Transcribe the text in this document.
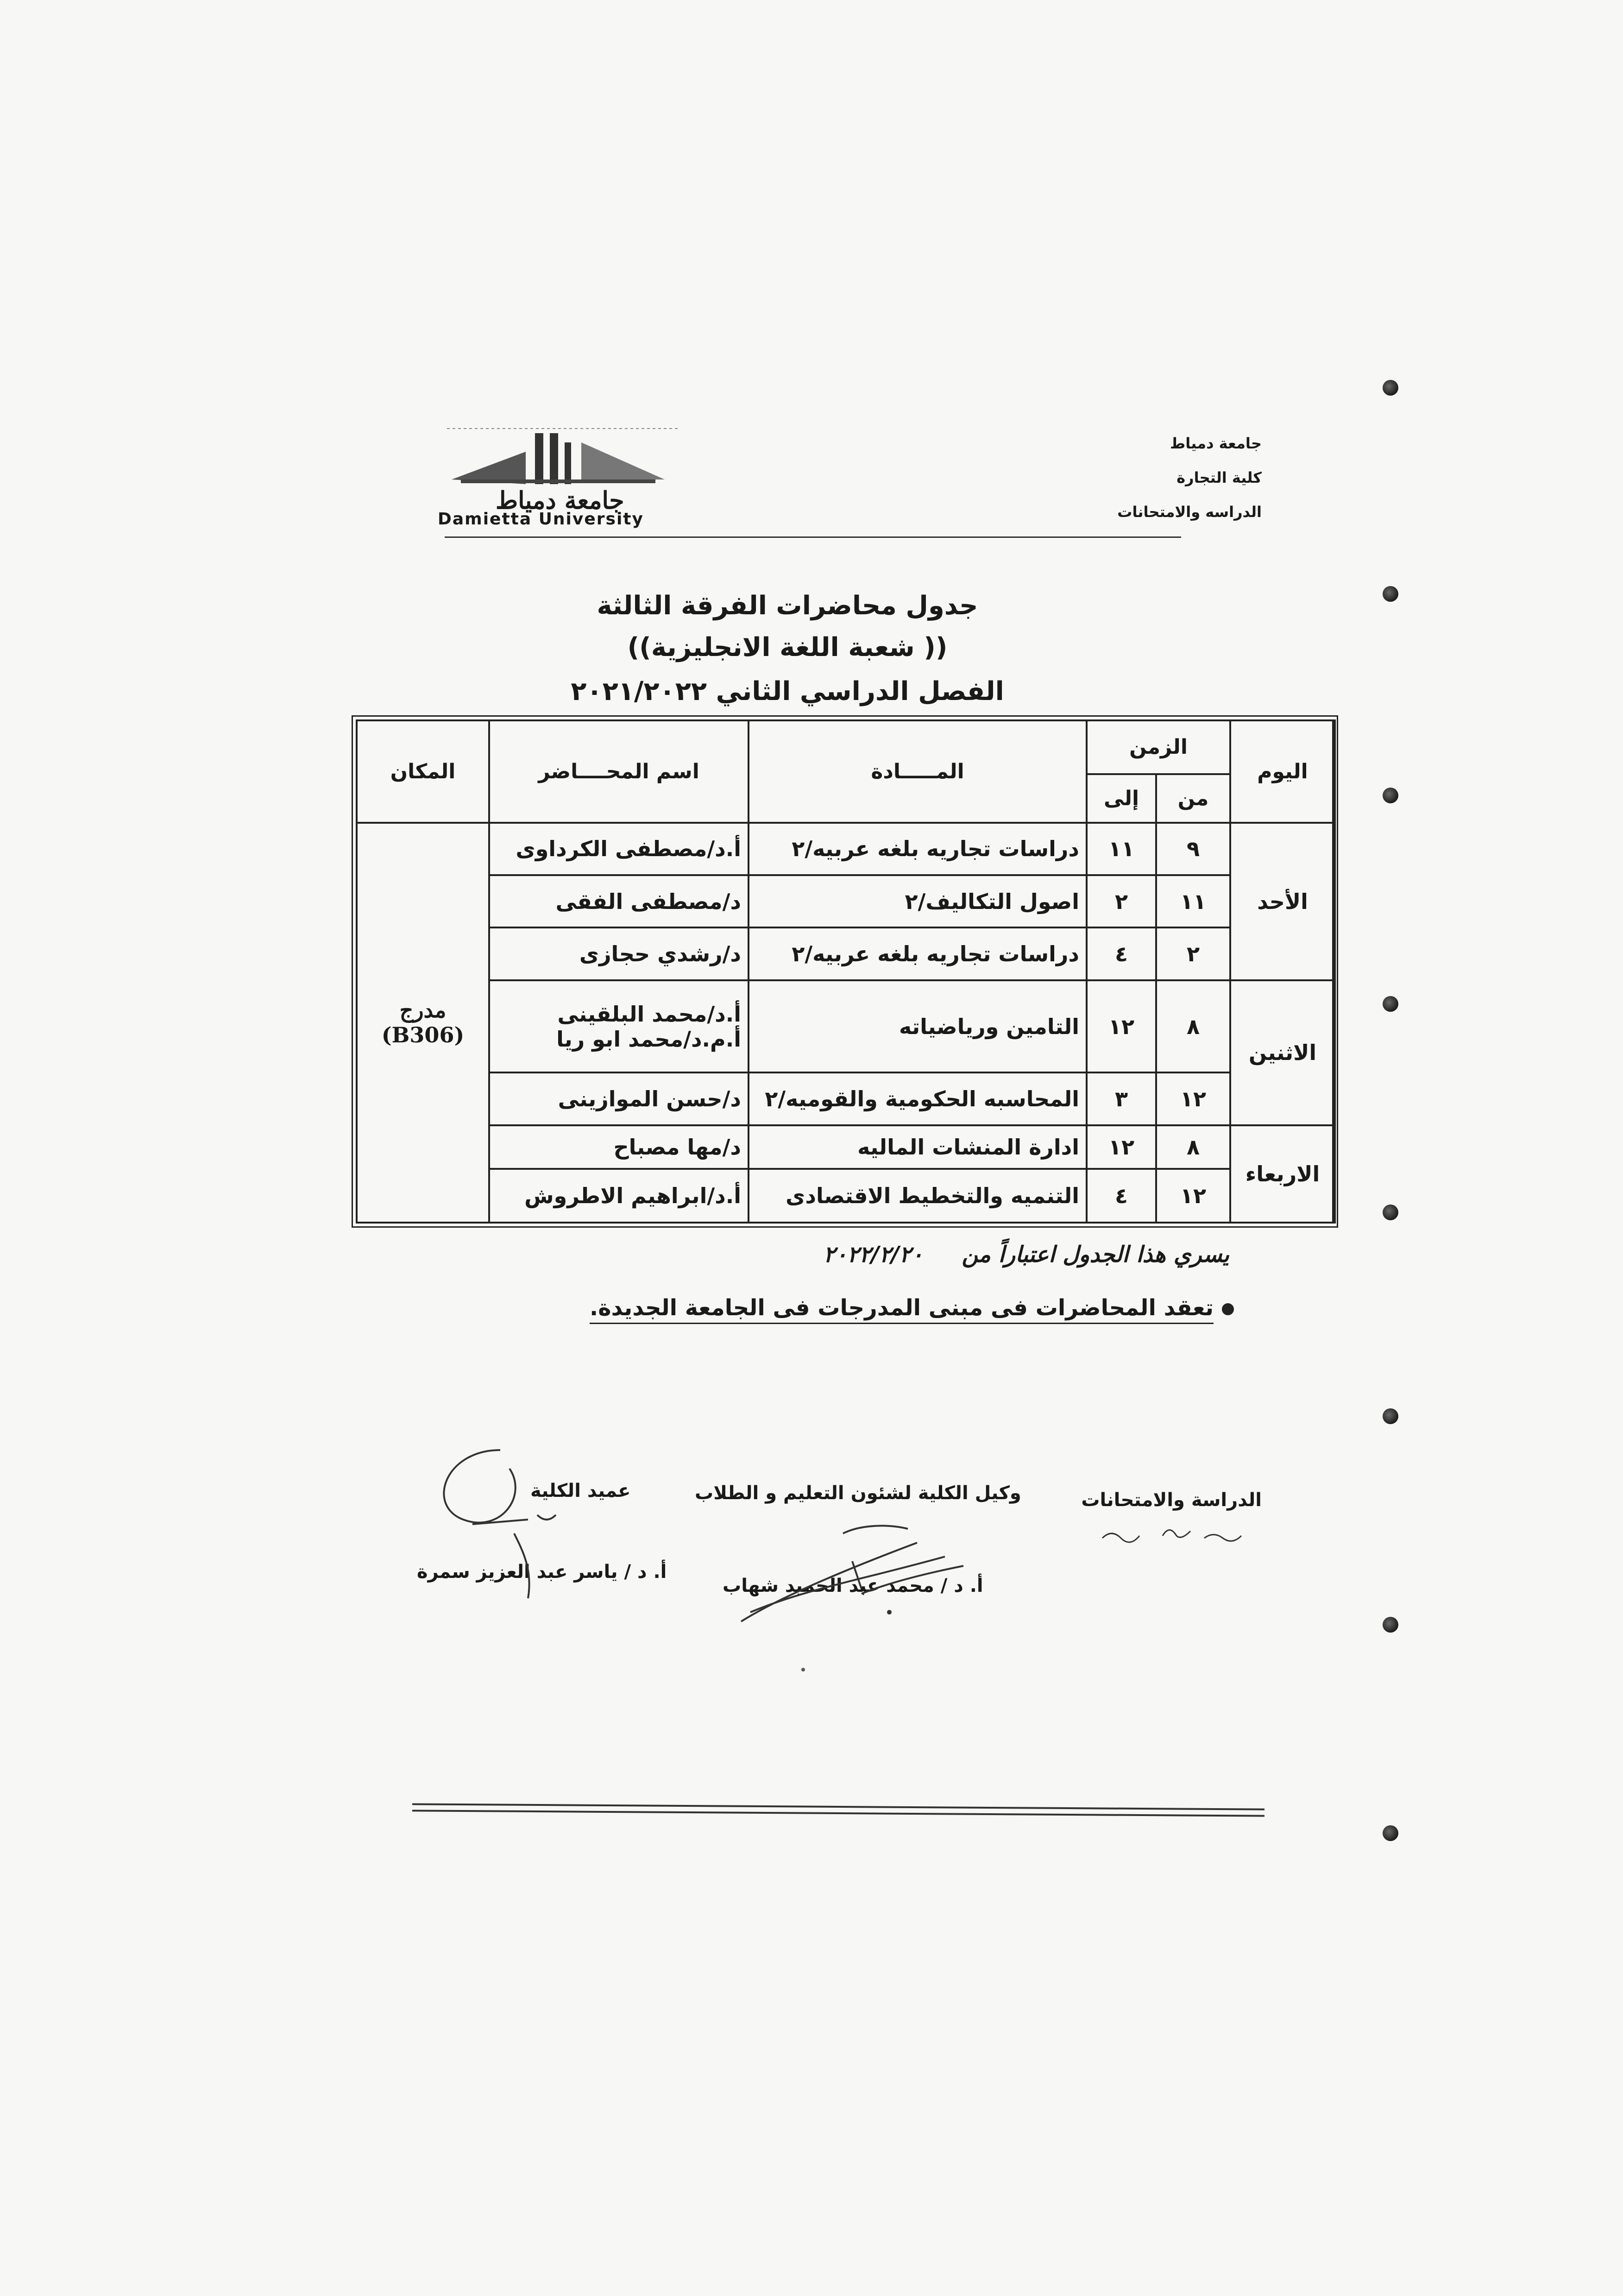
جامعة دمياط
كلية التجارة
الدراسه والامتحانات
جامعة دمياط
Damietta University
جدول محاضرات الفرقة الثالثة
(( شعبة اللغة الانجليزية))
الفصل الدراسي الثاني ٢٠٢١/٢٠٢٢
اليوم	الزمن		المـــــادة	اسم المحــــاضر	المكان
	من	إلى			
الأحد	٩	١١	دراسات تجاريه بلغه عربيه/٢	أ.د/مصطفى الكرداوى	مدرج
(B306)

	١١	٢	اصول التكاليف/٢	د/مصطفى الفقى	
	٢	٤	دراسات تجاريه بلغه عربيه/٢	د/رشدي حجازى	
الاثنين	٨	١٢	التامين ورياضياته	أ.د/محمد البلقينى
أ.م.د/محمد ابو ريا	

	١٢	٣	المحاسبه الحكومية والقوميه/٢	د/حسن الموازينى	
الاربعاء	٨	١٢	ادارة المنشات الماليه	د/مها مصباح	
	١٢	٤	التنميه والتخطيط الاقتصادى	أ.د/ابراهيم الاطروش	
يسري هذا الجدول اعتباراً من     ٢٠٢٢/٢/٢٠
تعقد المحاضرات فى مبنى المدرجات فى الجامعة الجديدة.
الدراسة والامتحانات
وكيل الكلية لشئون التعليم و الطلاب
أ. د / محمد عبد الحميد شهاب
عميد الكلية
أ. د / ياسر عبد العزيز سمرة
